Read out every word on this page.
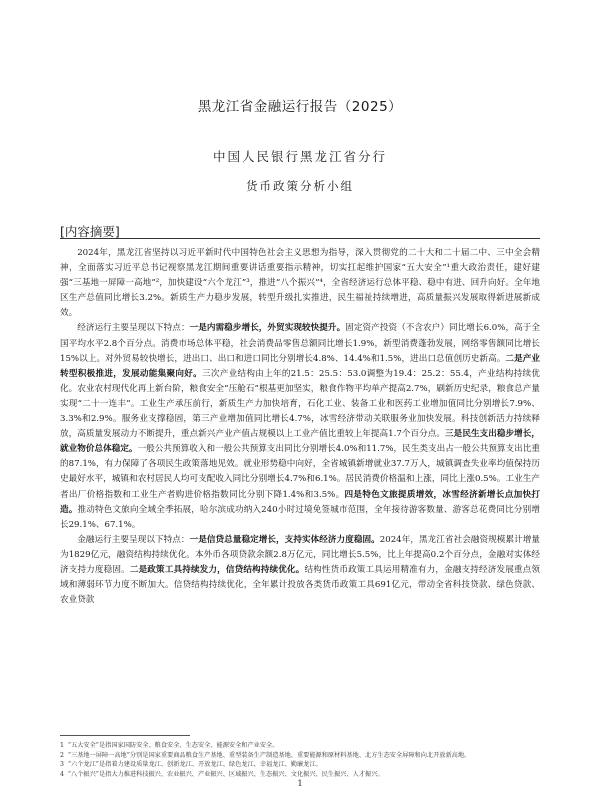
黑龙江省金融运行报告（2025）
中国人民银行黑龙江省分行
货币政策分析小组
[内容摘要]

2024年，黑龙江省坚持以习近平新时代中国特色社会主义思想为指导，深入贯彻党的二十大和二十届二中、三中全会精神，全面落实习近平总书记视察黑龙江期间重要讲话重要指示精神，切实扛起维护国家“五大安全”¹重大政治责任，建好建强“三基地一屏障一高地”²，加快建设“六个龙江”³，推进“八个振兴”⁴，全省经济运行总体平稳、稳中有进、回升向好。全年地区生产总值同比增长3.2%。新质生产力稳步发展，转型升级扎实推进，民生福祉持续增进，高质量振兴发展取得新进展新成效。

经济运行主要呈现以下特点：一是内需稳步增长，外贸实现较快提升。固定资产投资（不含农户）同比增长6.0%，高于全国平均水平2.8个百分点。消费市场总体平稳，社会消费品零售总额同比增长1.9%，新型消费蓬勃发展，网络零售额同比增长15%以上。对外贸易较快增长，进出口、出口和进口同比分别增长4.8%、14.4%和1.5%，进出口总值创历史新高。二是产业转型积极推进，发展动能集聚向好。三次产业结构由上年的21.5：25.5：53.0调整为19.4：25.2：55.4，产业结构持续优化。农业农村现代化再上新台阶，粮食安全“压舱石”根基更加坚实，粮食作物平均单产提高2.7%，刷新历史纪录，粮食总产量实现“二十一连丰”。工业生产承压前行，新质生产力加快培育，石化工业、装备工业和医药工业增加值同比分别增长7.9%、3.3%和2.9%。服务业支撑稳固，第三产业增加值同比增长4.7%，冰雪经济带动关联服务业加快发展。科技创新活力持续释放，高质量发展动力不断提升，重点新兴产业产值占规模以上工业产值比重较上年提高1.7个百分点。三是民生支出稳步增长，就业物价总体稳定。一般公共预算收入和一般公共预算支出同比分别增长4.0%和11.7%，民生类支出占一般公共预算支出比重的87.1%，有力保障了各项民生政策落地见效。就业形势稳中向好，全省城镇新增就业37.7万人，城镇调查失业率均值保持历史最好水平，城镇和农村居民人均可支配收入同比分别增长4.7%和6.1%。居民消费价格温和上涨，同比上涨0.5%。工业生产者出厂价格指数和工业生产者购进价格指数同比分别下降1.4%和3.5%。四是特色文旅提质增效，冰雪经济新增长点加快打造。推动特色文旅向全域全季拓展，哈尔滨成功纳入240小时过境免签城市范围，全年接待游客数量、游客总花费同比分别增长29.1%、67.1%。

金融运行主要呈现以下特点：一是信贷总量稳定增长，支持实体经济力度稳固。2024年，黑龙江省社会融资规模累计增量为1829亿元，融资结构持续优化。本外币各项贷款余额2.8万亿元，同比增长5.5%，比上年提高0.2个百分点，金融对实体经济支持力度稳固。二是政策工具持续发力，信贷结构持续优化。结构性货币政策工具运用精准有力，金融支持经济发展重点领域和薄弱环节力度不断加大。信贷结构持续优化，全年累计投放各类货币政策工具691亿元，带动全省科技贷款、绿色贷款、农业贷款

1 “五大安全”是指国家国防安全、粮食安全、生态安全、能源安全和产业安全。
2 “三基地一屏障一高地”分别是国家重要商品粮食生产基地、重型装备生产制造基地、重要能源和原材料基地、北方生态安全屏障和向北开放新高地。
3 “六个龙江”是指着力建设质量龙江、创新龙江、开放龙江、绿色龙江、幸福龙江、勤廉龙江。
4 “八个振兴”是指大力推进科技振兴、农业振兴、产业振兴、区域振兴、生态振兴、文化振兴、民生振兴、人才振兴。
1
